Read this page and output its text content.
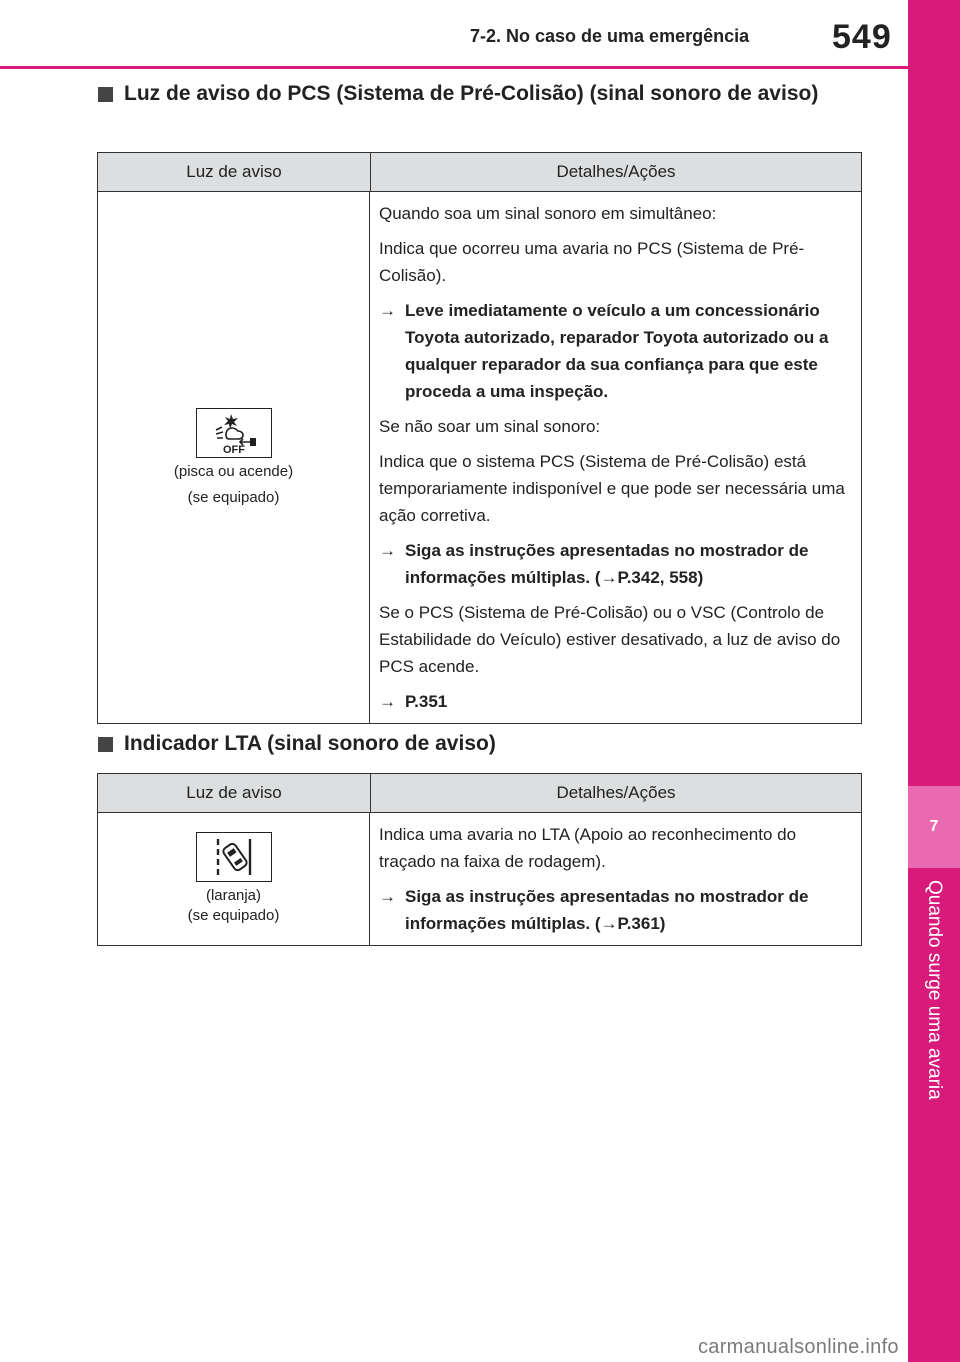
7-2. No caso de uma emergência 549
7
Quando surge uma avaria
Luz de aviso do PCS (Sistema de Pré-Colisão) (sinal sonoro de aviso)
Luz de aviso	Detalhes/Ações
OFF
(pisca ou acende)
(se equipado)

Quando soa um sinal sonoro em simultâneo:

Indica que ocorreu uma avaria no PCS (Sistema de Pré-Colisão).

→ Leve imediatamente o veículo a um concessionário Toyota autorizado, reparador Toyota autorizado ou a qualquer reparador da sua confiança para que este proceda a uma inspeção.

Se não soar um sinal sonoro:

Indica que o sistema PCS (Sistema de Pré-Colisão) está temporariamente indisponível e que pode ser necessária uma ação corretiva.

→ Siga as instruções apresentadas no mostrador de informações múltiplas. (→P.342, 558)

Se o PCS (Sistema de Pré-Colisão) ou o VSC (Controlo de Estabilidade do Veículo) estiver desativado, a luz de aviso do PCS acende.

→ P.351

Indicador LTA (sinal sonoro de aviso)
Luz de aviso	Detalhes/Ações
(laranja)
(se equipado)

Indica uma avaria no LTA (Apoio ao reconhecimento do traçado na faixa de rodagem).

→ Siga as instruções apresentadas no mostrador de informações múltiplas. (→P.361)

carmanualsonline.info
